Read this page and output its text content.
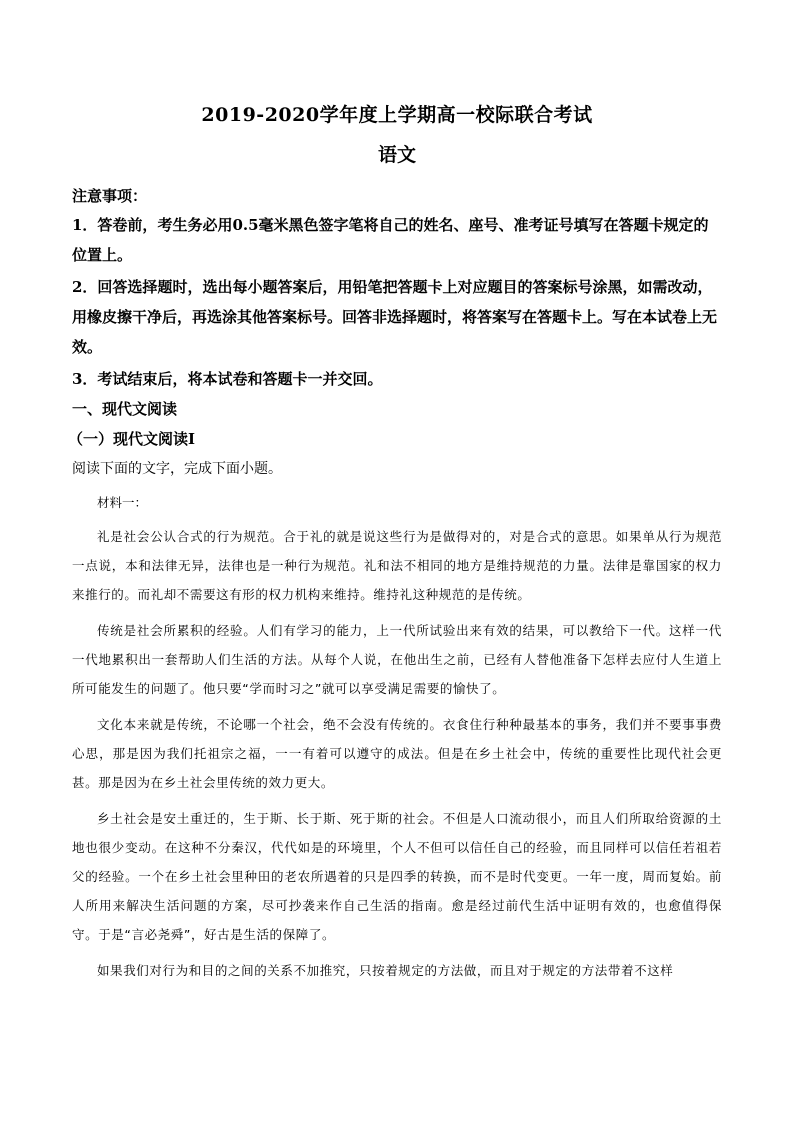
2019-2020学年度上学期高一校际联合考试
语文
注意事项：

1．答卷前，考生务必用0.5毫米黑色签字笔将自己的姓名、座号、准考证号填写在答题卡规定的位置上。

2．回答选择题时，选出每小题答案后，用铅笔把答题卡上对应题目的答案标号涂黑，如需改动，用橡皮擦干净后，再选涂其他答案标号。回答非选择题时，将答案写在答题卡上。写在本试卷上无效。

3．考试结束后，将本试卷和答题卡一并交回。

一、现代文阅读

（一）现代文阅读Ⅰ

阅读下面的文字，完成下面小题。

材料一：

礼是社会公认合式的行为规范。合于礼的就是说这些行为是做得对的，对是合式的意思。如果单从行为规范一点说，本和法律无异，法律也是一种行为规范。礼和法不相同的地方是维持规范的力量。法律是靠国家的权力来推行的。而礼却不需要这有形的权力机构来维持。维持礼这种规范的是传统。

传统是社会所累积的经验。人们有学习的能力，上一代所试验出来有效的结果，可以教给下一代。这样一代一代地累积出一套帮助人们生活的方法。从每个人说，在他出生之前，已经有人替他准备下怎样去应付人生道上所可能发生的问题了。他只要“学而时习之”就可以享受满足需要的愉快了。

文化本来就是传统，不论哪一个社会，绝不会没有传统的。衣食住行种种最基本的事务，我们并不要事事费心思，那是因为我们托祖宗之福，一一有着可以遵守的成法。但是在乡土社会中，传统的重要性比现代社会更甚。那是因为在乡土社会里传统的效力更大。

乡土社会是安土重迁的，生于斯、长于斯、死于斯的社会。不但是人口流动很小，而且人们所取给资源的土地也很少变动。在这种不分秦汉，代代如是的环境里，个人不但可以信任自己的经验，而且同样可以信任若祖若父的经验。一个在乡土社会里种田的老农所遇着的只是四季的转换，而不是时代变更。一年一度，周而复始。前人所用来解决生活问题的方案，尽可抄袭来作自己生活的指南。愈是经过前代生活中证明有效的，也愈值得保守。于是“言必尧舜”，好古是生活的保障了。

如果我们对行为和目的之间的关系不加推究，只按着规定的方法做，而且对于规定的方法带着不这样
